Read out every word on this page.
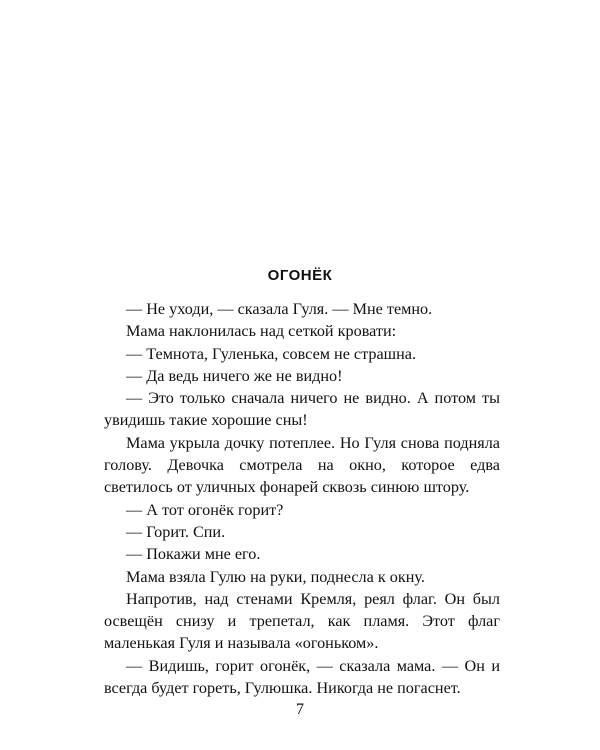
ОГОНЁК

— Не уходи, — сказала Гуля. — Мне темно.

Мама наклонилась над сеткой кровати:

— Темнота, Гуленька, совсем не страшна.

— Да ведь ничего же не видно!

— Это только сначала ничего не видно. А потом ты увидишь такие хорошие сны!

Мама укрыла дочку потеплее. Но Гуля снова подняла голову. Девочка смотрела на окно, которое едва светилось от уличных фонарей сквозь синюю штору.

— А тот огонёк горит?

— Горит. Спи.

— Покажи мне его.

Мама взяла Гулю на руки, поднесла к окну.

Напротив, над стенами Кремля, реял флаг. Он был освещён снизу и трепетал, как пламя. Этот флаг маленькая Гуля и называла «огоньком».

— Видишь, горит огонёк, — сказала мама. — Он и всегда будет гореть, Гулюшка. Никогда не погаснет.

7
